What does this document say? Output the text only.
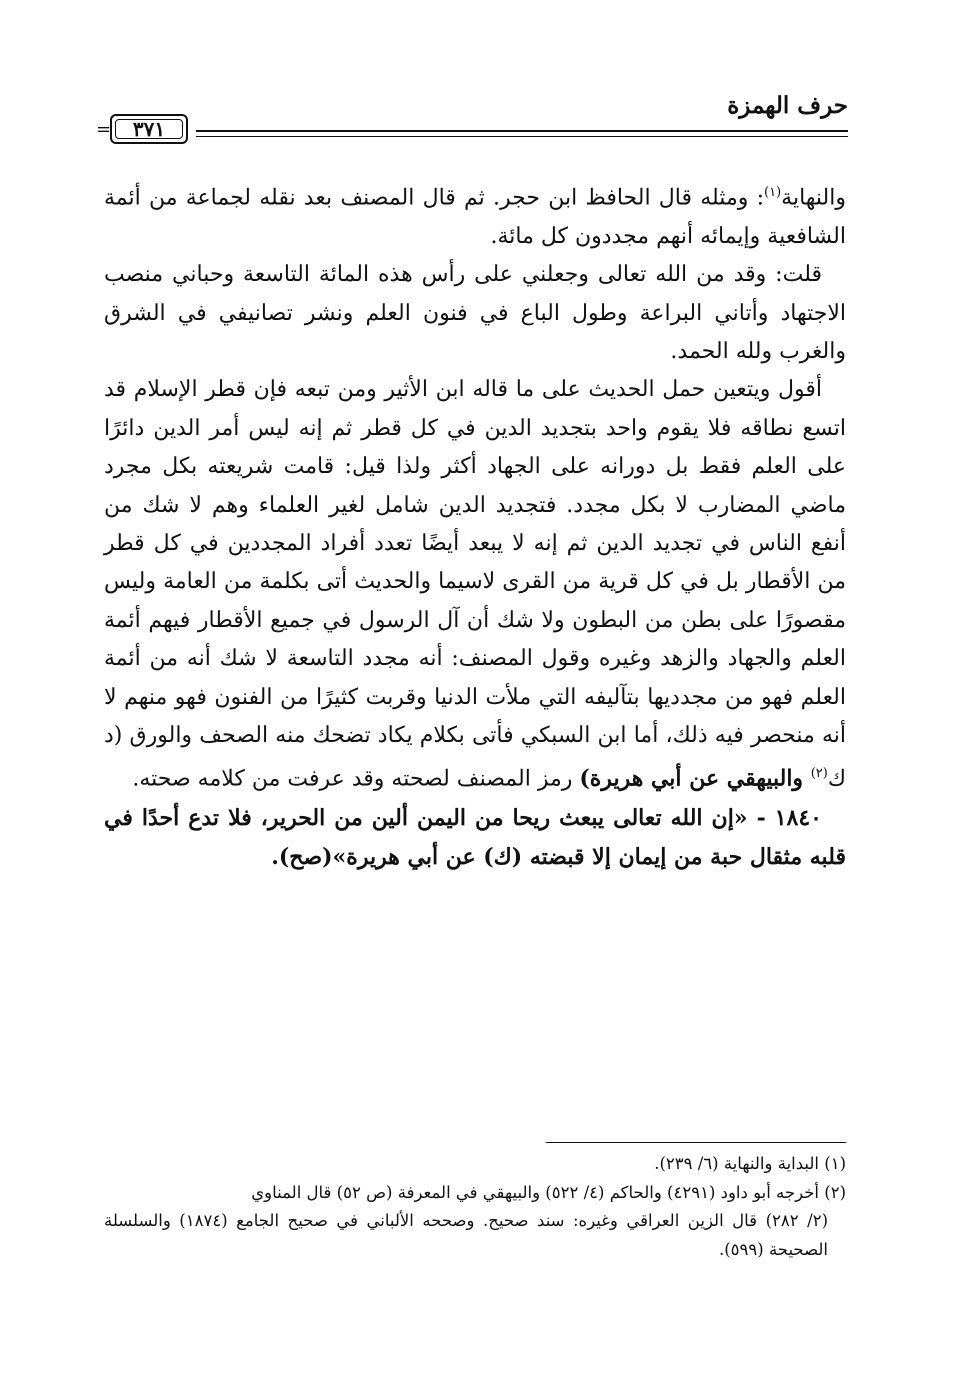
حرف الهمزة
= ٣٧١

والنهاية$^{(١)}$: ومثله قال الحافظ ابن حجر. ثم قال المصنف بعد نقله لجماعة من أئمة الشافعية وإيمائه أنهم مجددون كل مائة.

قلت: وقد من الله تعالى وجعلني على رأس هذه المائة التاسعة وحباني منصب الاجتهاد وأتاني البراعة وطول الباع في فنون العلم ونشر تصانيفي في الشرق والغرب ولله الحمد.

أقول ويتعين حمل الحديث على ما قاله ابن الأثير ومن تبعه فإن قطر الإسلام قد اتسع نطاقه فلا يقوم واحد بتجديد الدين في كل قطر ثم إنه ليس أمر الدين دائرًا على العلم فقط بل دورانه على الجهاد أكثر ولذا قيل: قامت شريعته بكل مجرد ماضي المضارب لا بكل مجدد. فتجديد الدين شامل لغير العلماء وهم لا شك من أنفع الناس في تجديد الدين ثم إنه لا يبعد أيضًا تعدد أفراد المجددين في كل قطر من الأقطار بل في كل قرية من القرى لاسيما والحديث أتى بكلمة من العامة وليس مقصورًا على بطن من البطون ولا شك أن آل الرسول في جميع الأقطار فيهم أئمة العلم والجهاد والزهد وغيره وقول المصنف: أنه مجدد التاسعة لا شك أنه من أئمة العلم فهو من مجدديها بتآليفه التي ملأت الدنيا وقربت كثيرًا من الفنون فهو منهم لا أنه منحصر فيه ذلك، أما ابن السبكي فأتى بكلام يكاد تضحك منه الصحف والورق (د ك$^{(٢)}$ والبيهقي عن أبي هريرة) رمز المصنف لصحته وقد عرفت من كلامه صحته.

١٨٤٠ - «إن الله تعالى يبعث ريحا من اليمن ألين من الحرير، فلا تدع أحدًا في قلبه مثقال حبة من إيمان إلا قبضته (ك) عن أبي هريرة»(صح).

(١) البداية والنهاية (٦/ ٢٣٩).

(٢) أخرجه أبو داود (٤٢٩١) والحاكم (٤/ ٥٢٢) والبيهقي في المعرفة (ص ٥٢) قال المناوي

(٢/ ٢٨٢) قال الزين العراقي وغيره: سند صحيح. وصححه الألباني في صحيح الجامع (١٨٧٤) والسلسلة الصحيحة (٥٩٩).
